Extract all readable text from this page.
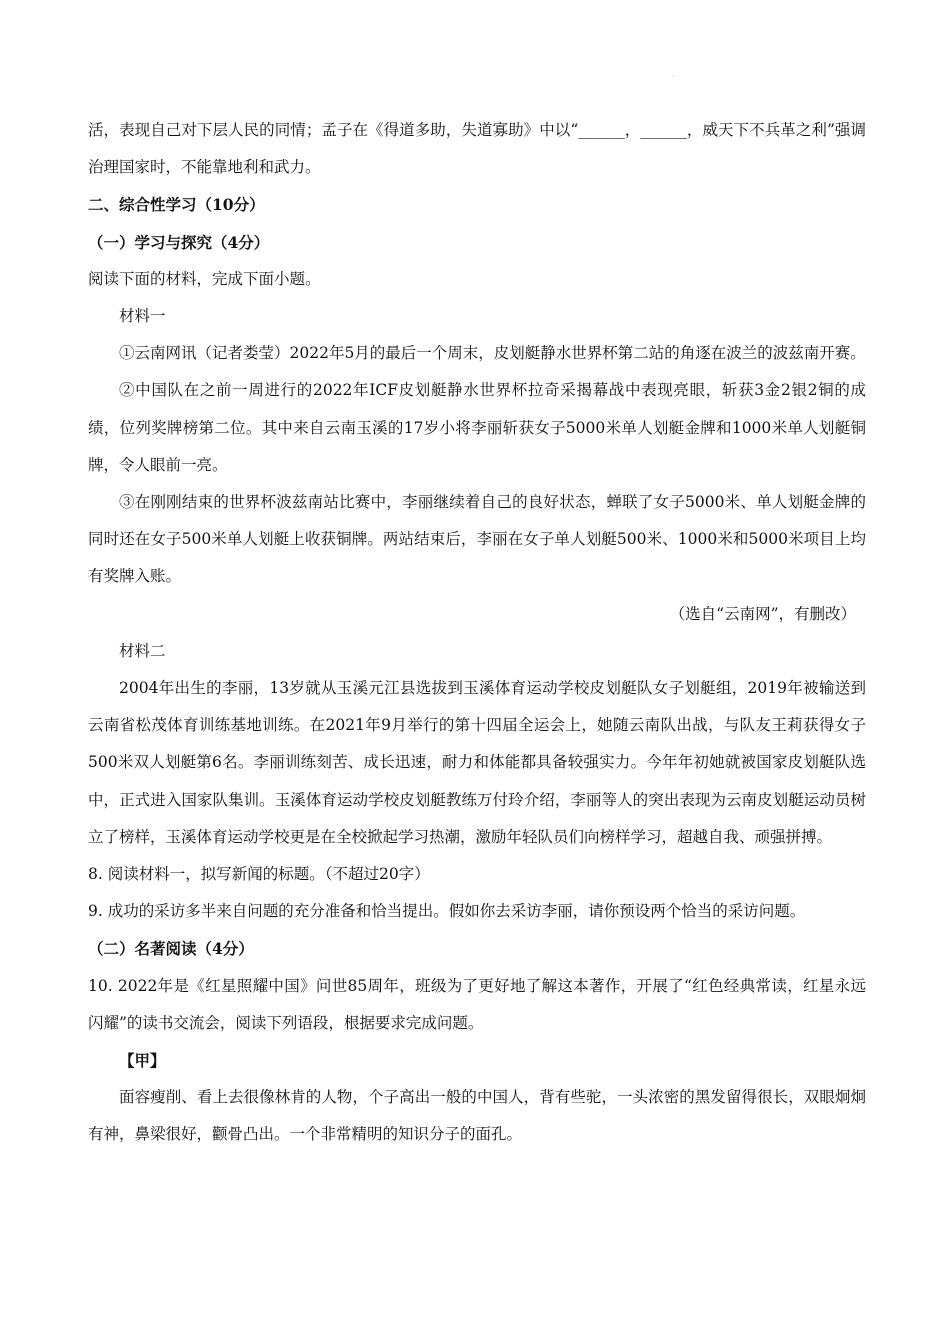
·

活，表现自己对下层人民的同情；孟子在《得道多助，失道寡助》中以“______，______，威天下不兵革之利”强调治理国家时，不能靠地利和武力。

二、综合性学习（10分）

（一）学习与探究（4分）

阅读下面的材料，完成下面小题。

材料一

①云南网讯（记者娄莹）2022年5月的最后一个周末，皮划艇静水世界杯第二站的角逐在波兰的波兹南开赛。

②中国队在之前一周进行的2022年ICF皮划艇静水世界杯拉奇采揭幕战中表现亮眼，斩获3金2银2铜的成绩，位列奖牌榜第二位。其中来自云南玉溪的17岁小将李丽斩获女子5000米单人划艇金牌和1000米单人划艇铜牌，令人眼前一亮。

③在刚刚结束的世界杯波兹南站比赛中，李丽继续着自己的良好状态，蝉联了女子5000米、单人划艇金牌的同时还在女子500米单人划艇上收获铜牌。两站结束后，李丽在女子单人划艇500米、1000米和5000米项目上均有奖牌入账。

（选自“云南网”，有删改）

材料二

2004年出生的李丽，13岁就从玉溪元江县选拔到玉溪体育运动学校皮划艇队女子划艇组，2019年被输送到云南省松茂体育训练基地训练。在2021年9月举行的第十四届全运会上，她随云南队出战，与队友王莉获得女子500米双人划艇第6名。李丽训练刻苦、成长迅速，耐力和体能都具备较强实力。今年年初她就被国家皮划艇队选中，正式进入国家队集训。玉溪体育运动学校皮划艇教练万付玲介绍，李丽等人的突出表现为云南皮划艇运动员树立了榜样，玉溪体育运动学校更是在全校掀起学习热潮，激励年轻队员们向榜样学习，超越自我、顽强拼搏。

8. 阅读材料一，拟写新闻的标题。（不超过20字）

9. 成功的采访多半来自问题的充分准备和恰当提出。假如你去采访李丽，请你预设两个恰当的采访问题。

（二）名著阅读（4分）

10. 2022年是《红星照耀中国》问世85周年，班级为了更好地了解这本著作，开展了“红色经典常读，红星永远闪耀”的读书交流会，阅读下列语段，根据要求完成问题。

【甲】

面容瘦削、看上去很像林肯的人物，个子高出一般的中国人，背有些驼，一头浓密的黑发留得很长，双眼炯炯有神，鼻梁很好，颧骨凸出。一个非常精明的知识分子的面孔。
